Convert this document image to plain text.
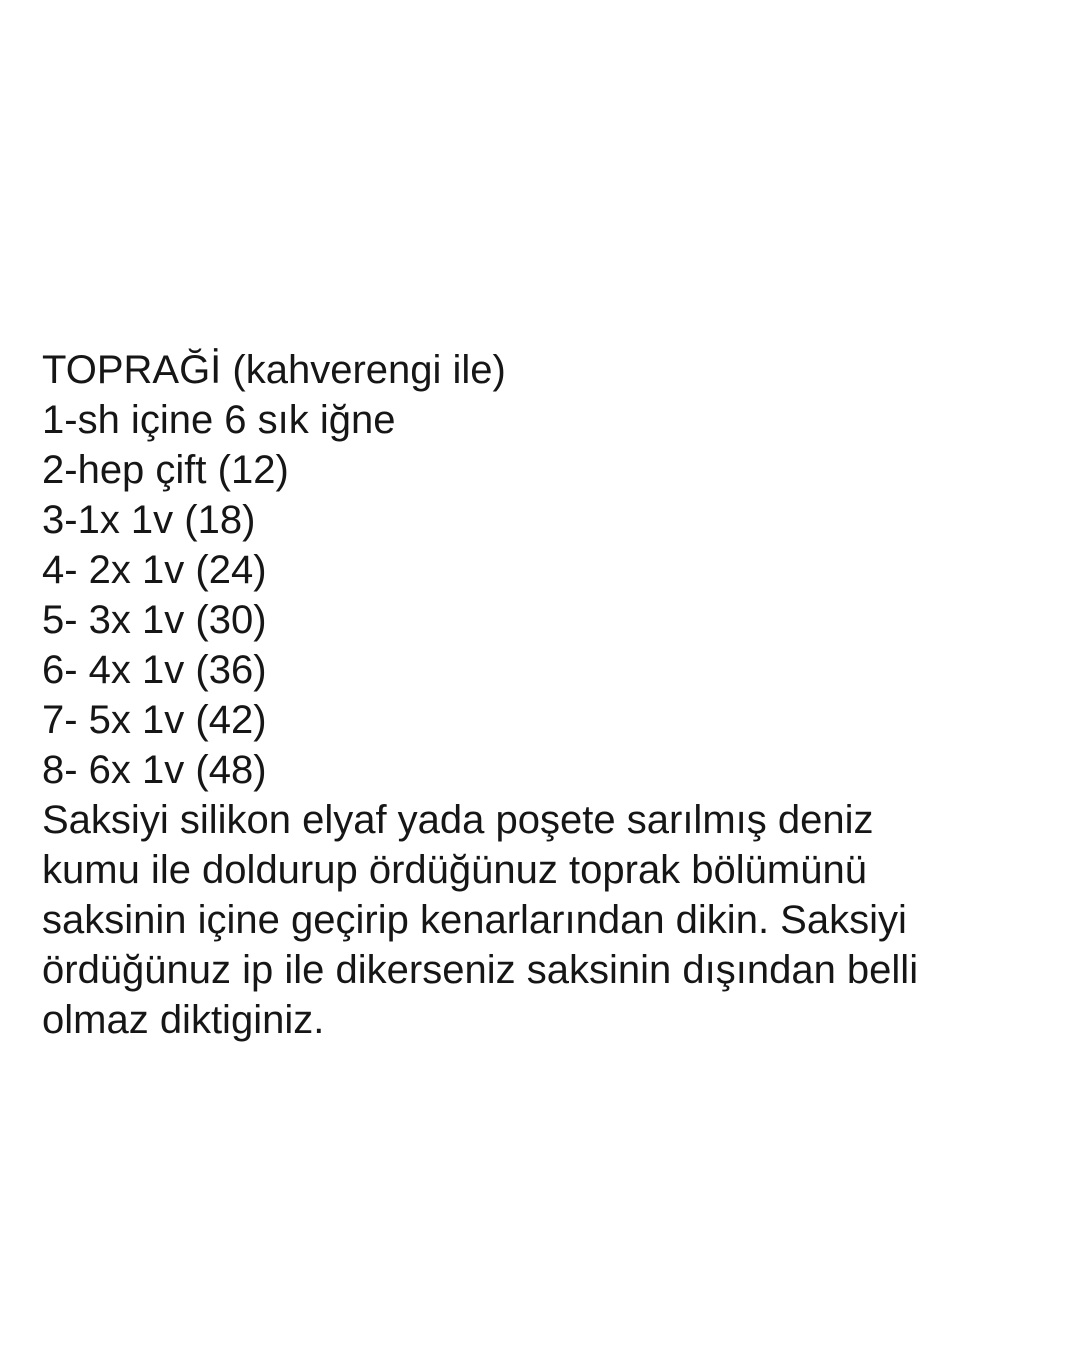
TOPRAĞİ (kahverengi ile)
1-sh içine 6 sık iğne
2-hep çift (12)
3-1x 1v (18)
4- 2x 1v (24)
5- 3x 1v (30)
6- 4x 1v (36)
7- 5x 1v (42)
8- 6x 1v (48)
Saksiyi silikon elyaf yada poşete sarılmış deniz
kumu ile doldurup ördüğünuz toprak bölümünü
saksinin içine geçirip kenarlarından dikin. Saksiyi
ördüğünuz ip ile dikerseniz saksinin dışından belli
olmaz diktiginiz.
